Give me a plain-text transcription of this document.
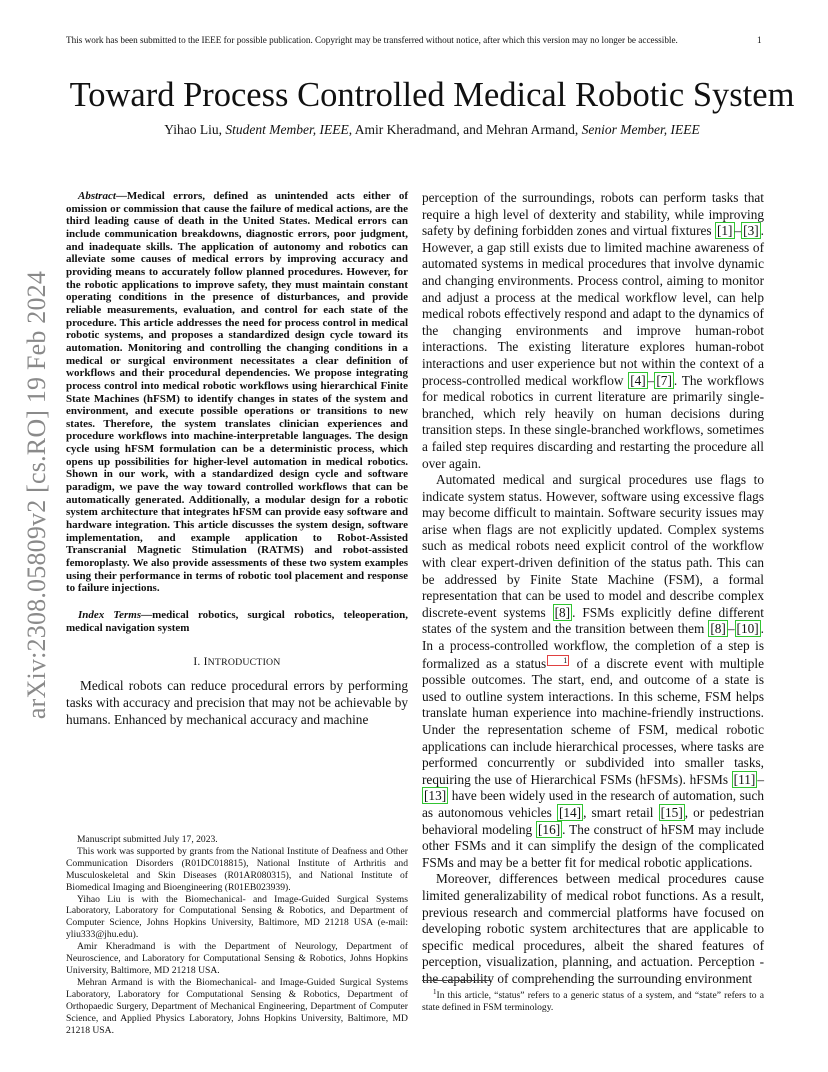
This work has been submitted to the IEEE for possible publication. Copyright may be transferred without notice, after which this version may no longer be accessible.	1
Toward Process Controlled Medical Robotic System
Yihao Liu, Student Member, IEEE, Amir Kheradmand, and Mehran Armand, Senior Member, IEEE
arXiv:2308.05809v2 [cs.RO] 19 Feb 2024

Abstract—Medical errors, defined as unintended acts either of omission or commission that cause the failure of medical actions, are the third leading cause of death in the United States. Medical errors can include communication breakdowns, diagnostic errors, poor judgment, and inadequate skills. The application of autonomy and robotics can alleviate some causes of medical errors by improving accuracy and providing means to accurately follow planned procedures. However, for the robotic applications to improve safety, they must maintain constant operating conditions in the presence of disturbances, and provide reliable measurements, evaluation, and control for each state of the procedure. This article addresses the need for process control in medical robotic systems, and proposes a standardized design cycle toward its automation. Monitoring and controlling the changing conditions in a medical or surgical environment necessitates a clear definition of workflows and their procedural dependencies. We propose integrating process control into medical robotic workflows using hierarchical Finite State Machines (hFSM) to identify changes in states of the system and environment, and execute possible operations or transitions to new states. Therefore, the system translates clinician experiences and procedure workflows into machine-interpretable languages. The design cycle using hFSM formulation can be a deterministic process, which opens up possibilities for higher-level automation in medical robotics. Shown in our work, with a standardized design cycle and software paradigm, we pave the way toward controlled workflows that can be automatically generated. Additionally, a modular design for a robotic system architecture that integrates hFSM can provide easy software and hardware integration. This article discusses the system design, software implementation, and example application to Robot-Assisted Transcranial Magnetic Stimulation (RATMS) and robot-assisted femoroplasty. We also provide assessments of these two system examples using their performance in terms of robotic tool placement and response to failure injections.

Index Terms—medical robotics, surgical robotics, teleoperation, medical navigation system

I. INTRODUCTION

Medical robots can reduce procedural errors by performing tasks with accuracy and precision that may not be achievable by humans. Enhanced by mechanical accuracy and machine

Manuscript submitted July 17, 2023.

This work was supported by grants from the National Institute of Deafness and Other Communication Disorders (R01DC018815), National Institute of Arthritis and Musculoskeletal and Skin Diseases (R01AR080315), and National Institute of Biomedical Imaging and Bioengineering (R01EB023939).

Yihao Liu is with the Biomechanical- and Image-Guided Surgical Systems Laboratory, Laboratory for Computational Sensing & Robotics, and Department of Computer Science, Johns Hopkins University, Baltimore, MD 21218 USA (e-mail: yliu333@jhu.edu).

Amir Kheradmand is with the Department of Neurology, Department of Neuroscience, and Laboratory for Computational Sensing & Robotics, Johns Hopkins University, Baltimore, MD 21218 USA.

Mehran Armand is with the Biomechanical- and Image-Guided Surgical Systems Laboratory, Laboratory for Computational Sensing & Robotics, Department of Orthopaedic Surgery, Department of Mechanical Engineering, Department of Computer Science, and Applied Physics Laboratory, Johns Hopkins University, Baltimore, MD 21218 USA.

perception of the surroundings, robots can perform tasks that require a high level of dexterity and stability, while improving safety by defining forbidden zones and virtual fixtures [1] – [3] . However, a gap still exists due to limited machine awareness of automated systems in medical procedures that involve dynamic and changing environments. Process control, aiming to monitor and adjust a process at the medical workflow level, can help medical robots effectively respond and adapt to the dynamics of the changing environments and improve human-robot interactions. The existing literature explores human-robot interactions and user experience but not within the context of a process-controlled medical workflow [4] – [7] . The workflows for medical robotics in current literature are primarily single-branched, which rely heavily on human decisions during transition steps. In these single-branched workflows, sometimes a failed step requires discarding and restarting the procedure all over again.

Automated medical and surgical procedures use flags to indicate system status. However, software using excessive flags may become difficult to maintain. Software security issues may arise when flags are not explicitly updated. Complex systems such as medical robots need explicit control of the workflow with clear expert-driven definition of the status path. This can be addressed by Finite State Machine (FSM), a formal representation that can be used to model and describe complex discrete-event systems [8] . FSMs explicitly define different states of the system and the transition between them [8] – [10] . In a process-controlled workflow, the completion of a step is formalized as a status 1 of a discrete event with multiple possible outcomes. The start, end, and outcome of a state is used to outline system interactions. In this scheme, FSM helps translate human experience into machine-friendly instructions. Under the representation scheme of FSM, medical robotic applications can include hierarchical processes, where tasks are performed concurrently or subdivided into smaller tasks, requiring the use of Hierarchical FSMs (hFSMs). hFSMs [11] –[13] have been widely used in the research of automation, such as autonomous vehicles [14] , smart retail [15] , or pedestrian behavioral modeling [16] . The construct of hFSM may include other FSMs and it can simplify the design of the complicated FSMs and may be a better fit for medical robotic applications.

Moreover, differences between medical procedures cause limited generalizability of medical robot functions. As a result, previous research and commercial platforms have focused on developing robotic system architectures that are applicable to specific medical procedures, albeit the shared features of perception, visualization, planning, and actuation. Perception - the capability of comprehending the surrounding environment

$^1$In this article, “status” refers to a generic status of a system, and “state” refers to a state defined in FSM terminology.
